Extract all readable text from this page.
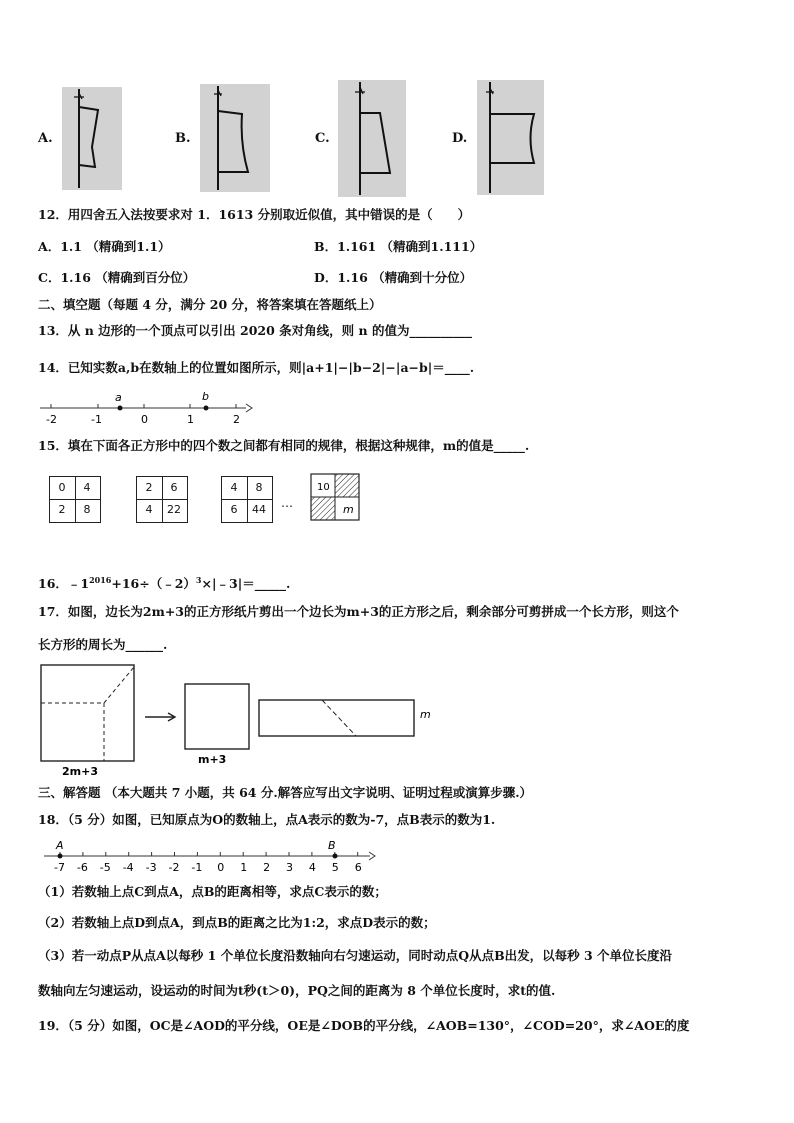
A.	B.	C.	D.
12．用四舍五入法按要求对 1．1613 分别取近似值，其中错误的是（　　）
A．1.1 （精确到1.1）	B．1.161 （精确到1.111）
C．1.16 （精确到百分位）	D．1.16 （精确到十分位）
二、填空题（每题 4 分，满分 20 分，将答案填在答题纸上）
13．从 n 边形的一个顶点可以引出 2020 条对角线，则 n 的值为__________
14．已知实数a,b在数轴上的位置如图所示，则|a+1|−|b−2|−|a−b|＝____.
-2	-1	0	1	2
a	b
15．填在下面各正方形中的四个数之间都有相同的规律，根据这种规律，m的值是_____.
0	4
2	8
2	6
4	22
4	8
6	44 …
10
m
16．$﹣1^{2016}+16\div(﹣2)^3\times|﹣3|=\_\_\_\_\_$.
17．如图，边长为2m+3的正方形纸片剪出一个边长为m+3的正方形之后，剩余部分可剪拼成一个长方形，则这个
长方形的周长为______.
2m+3
m+3
m
三、解答题 （本大题共 7 小题，共 64 分.解答应写出文字说明、证明过程或演算步骤.）
18．（5 分）如图，已知原点为O的数轴上，点A表示的数为-7，点B表示的数为1.
-7 -6 -5 -4 -3 -2 -1 0 1 2 3 4 5 6
A	B
（1）若数轴上点C到点A，点B的距离相等，求点C表示的数；
（2）若数轴上点D到点A，到点B的距离之比为1:2，求点D表示的数；
（3）若一动点P从点A以每秒 1 个单位长度沿数轴向右匀速运动，同时动点Q从点B出发，以每秒 3 个单位长度沿
数轴向左匀速运动，设运动的时间为t秒(t＞0)，PQ之间的距离为 8 个单位长度时，求t的值.
19．（5 分）如图，OC是∠AOD的平分线，OE是∠DOB的平分线，∠AOB=130°，∠COD=20°，求∠AOE的度
